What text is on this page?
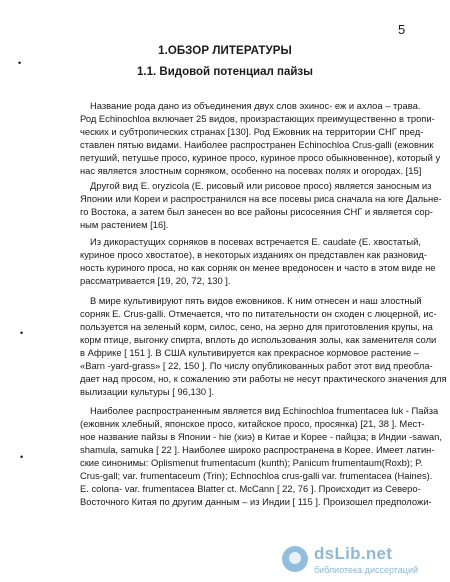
5
•
•
•
1.ОБЗОР ЛИТЕРАТУРЫ
1.1. Видовой потенциал пайзы
Название рода дано из объединения двух слов эхинос- еж и ахлоа – трава.
Род Echinochloa включает 25 видов, произрастающих преимущественно в тропи-
ческих и субтропических странах [130]. Род Ежовник на территории СНГ пред-
ставлен пятью видами. Наиболее распространен Echinochloa Crus-galli (ежовник
петуший, петушье просо, куриное просо, куриное просо обыкновенное), который у
нас является злостным сорняком, особенно на посевах полях и огородах. [15]
Другой вид E. oryzicola (E. рисовый или рисовое просо) является заносным из
Японии или Кореи и распространился на все посевы риса сначала на юге Дальне-
го Востока, а затем был занесен во все районы рисосеяния СНГ и является сор-
ным растением [16].
Из дикорастущих сорняков в посевах встречается E. caudate (E. хвостатый,
куриное просо хвостатое), в некоторых изданиях он представлен как разновид-
ность куриного проса, но как сорняк он менее вредоносен и часто в этом виде не
рассматривается [19, 20, 72, 130 ].
В мире культивируют пять видов ежовников. К ним отнесен и наш злостный
сорняк E. Crus-galli. Отмечается, что по питательности он сходен с люцерной, ис-
пользуется на зеленый корм, силос, сено, на зерно для приготовления крупы, на
корм птице, выгонку спирта, вплоть до использования золы, как заменителя соли
в Африке [ 151 ]. В США культивируется как прекрасное кормовое растение –
«Barn -yard-grass» [ 22, 150 ]. По числу опубликованных работ этот вид преобла-
дает над просом, но, к сожалению эти работы не несут практического значения для
вылизации культуры [ 96,130 ].
Наиболее распространенным является вид Echinochloa frumentacea luk - Пайза
(ежовник хлебный, японское просо, китайское просо, просянка) [21, 38 ]. Мест-
ное название пайзы в Японии - hie (хиэ) в Китае и Корее - пайцза; в Индии -sawan,
shamula, samuka [ 22 ]. Наиболее широко распространена в Корее. Имеет латин-
ские синонимы: Oplismenut frumentacum (kunth); Panicum frumentaum(Roxb); P.
Crus-gall; var. frumentaceum (Trin); Echnochloa crus-galli var. frumentacea (Haines).
E. colona- var. frumentacea Blatter ct. McCann [ 22, 76 ]. Происходит из Северо-
Восточного Китая по другим данным – из Индии [ 115 ]. Произошел предположи-
dsLib.net
библиотека диссертаций
